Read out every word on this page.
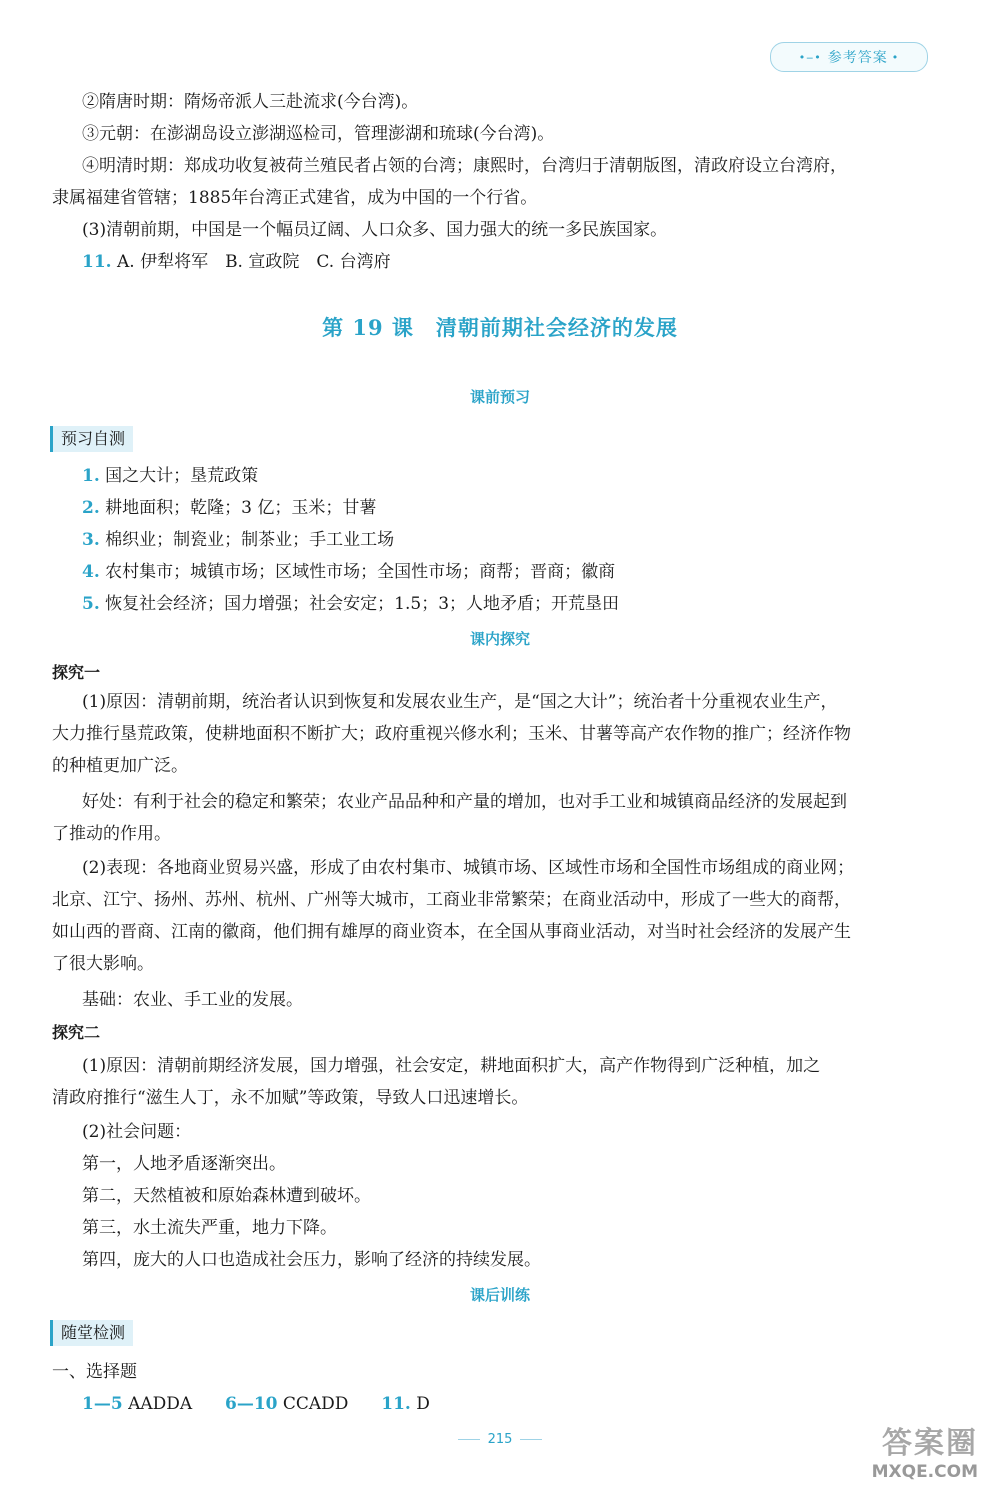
•‒• 参考答案 •
②隋唐时期：隋炀帝派人三赴流求(今台湾)。
③元朝：在澎湖岛设立澎湖巡检司，管理澎湖和琉球(今台湾)。
④明清时期：郑成功收复被荷兰殖民者占领的台湾；康熙时，台湾归于清朝版图，清政府设立台湾府，
隶属福建省管辖；1885年台湾正式建省，成为中国的一个行省。
(3)清朝前期，中国是一个幅员辽阔、人口众多、国力强大的统一多民族国家。
11. A. 伊犁将军　B. 宣政院　C. 台湾府
第 19 课　清朝前期社会经济的发展
课前预习
预习自测
1. 国之大计；垦荒政策
2. 耕地面积；乾隆；3 亿；玉米；甘薯
3. 棉织业；制瓷业；制茶业；手工业工场
4. 农村集市；城镇市场；区域性市场；全国性市场；商帮；晋商；徽商
5. 恢复社会经济；国力增强；社会安定；1.5；3；人地矛盾；开荒垦田
课内探究
探究一
(1)原因：清朝前期，统治者认识到恢复和发展农业生产，是“国之大计”；统治者十分重视农业生产，
大力推行垦荒政策，使耕地面积不断扩大；政府重视兴修水利；玉米、甘薯等高产农作物的推广；经济作物
的种植更加广泛。
好处：有利于社会的稳定和繁荣；农业产品品种和产量的增加，也对手工业和城镇商品经济的发展起到
了推动的作用。
(2)表现：各地商业贸易兴盛，形成了由农村集市、城镇市场、区域性市场和全国性市场组成的商业网；
北京、江宁、扬州、苏州、杭州、广州等大城市，工商业非常繁荣；在商业活动中，形成了一些大的商帮，
如山西的晋商、江南的徽商，他们拥有雄厚的商业资本，在全国从事商业活动，对当时社会经济的发展产生
了很大影响。
基础：农业、手工业的发展。
探究二
(1)原因：清朝前期经济发展，国力增强，社会安定，耕地面积扩大，高产作物得到广泛种植，加之
清政府推行“滋生人丁，永不加赋”等政策，导致人口迅速增长。
(2)社会问题：
第一，人地矛盾逐渐突出。
第二，天然植被和原始森林遭到破坏。
第三，水土流失严重，地力下降。
第四，庞大的人口也造成社会压力，影响了经济的持续发展。
课后训练
随堂检测
一、选择题
1—5 AADDA 6—10 CCADD 11. D
215	答案圈
MXQE.COM
